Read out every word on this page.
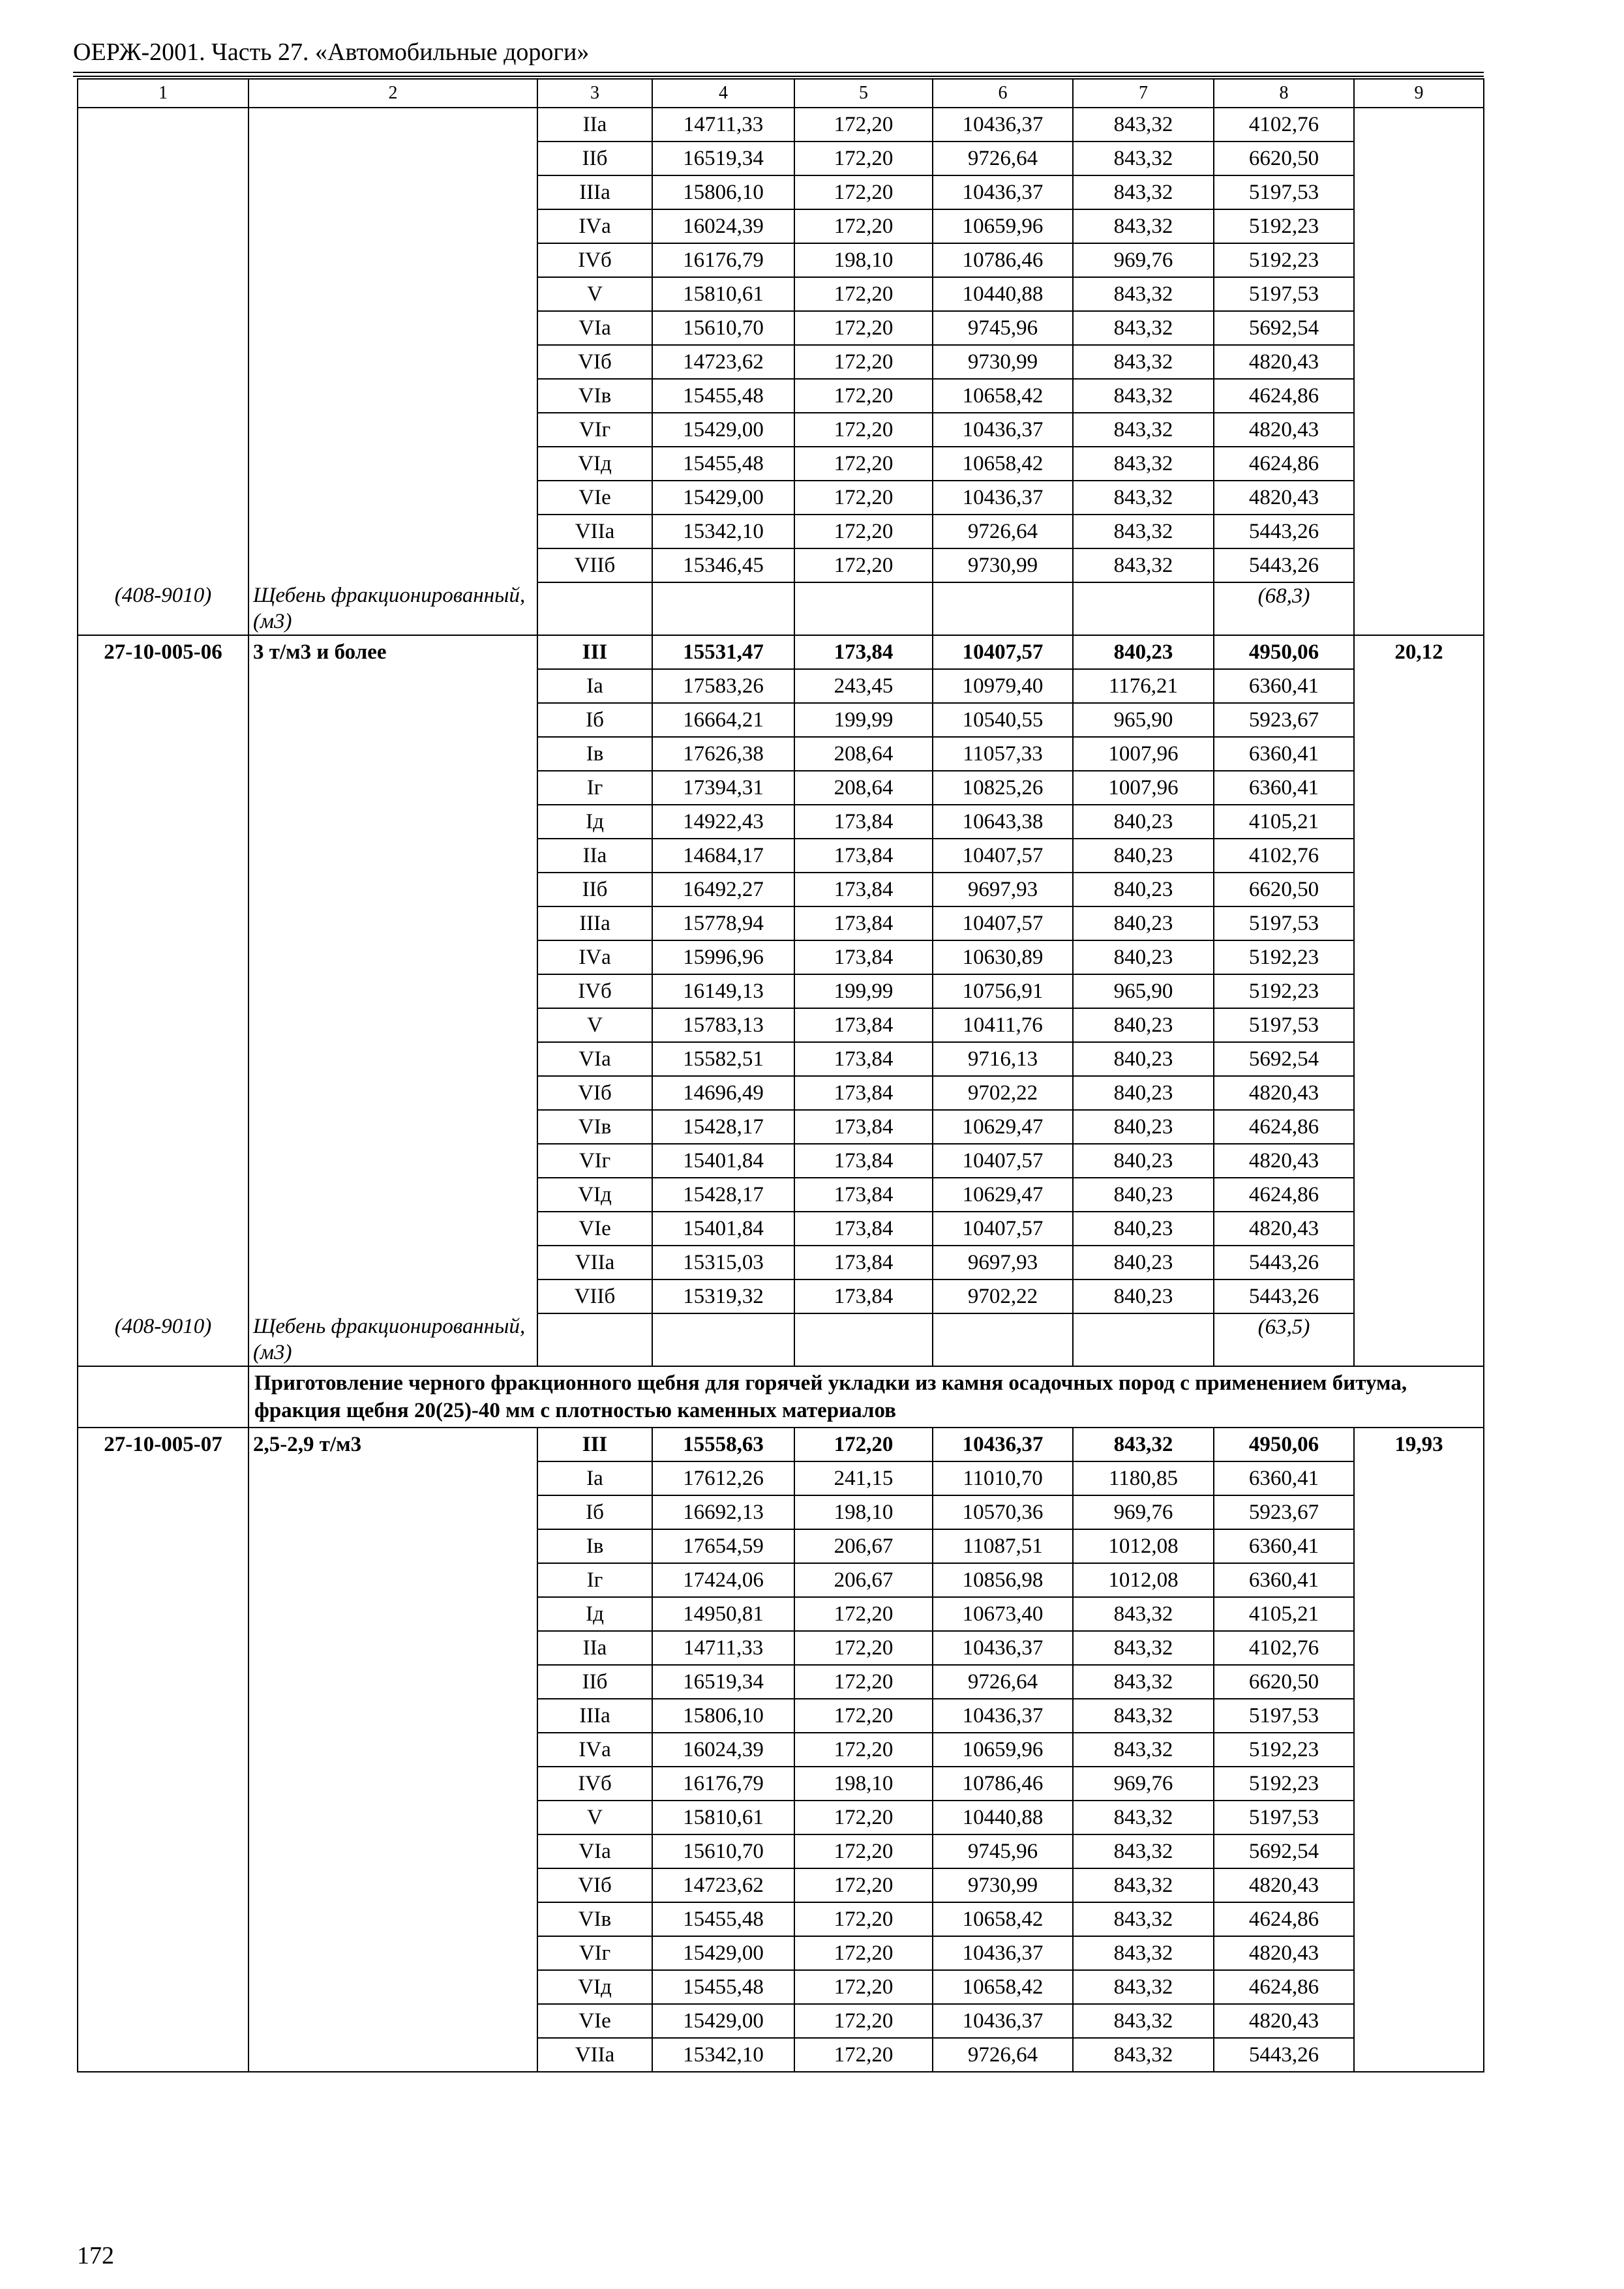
ОЕРЖ-2001. Часть 27. «Автомобильные дороги»
1	2	3	4	5	6	7	8	9
		IIа	14711,33	172,20	10436,37	843,32	4102,76	
		IIб	16519,34	172,20	9726,64	843,32	6620,50	
		IIIа	15806,10	172,20	10436,37	843,32	5197,53	
		IVа	16024,39	172,20	10659,96	843,32	5192,23	
		IVб	16176,79	198,10	10786,46	969,76	5192,23	
		V	15810,61	172,20	10440,88	843,32	5197,53	
		VIа	15610,70	172,20	9745,96	843,32	5692,54	
		VIб	14723,62	172,20	9730,99	843,32	4820,43	
		VIв	15455,48	172,20	10658,42	843,32	4624,86	
		VIг	15429,00	172,20	10436,37	843,32	4820,43	
		VIд	15455,48	172,20	10658,42	843,32	4624,86	
		VIе	15429,00	172,20	10436,37	843,32	4820,43	
		VIIа	15342,10	172,20	9726,64	843,32	5443,26	
		VIIб	15346,45	172,20	9730,99	843,32	5443,26	
(408-9010)	Щебень фракционированный, (м3)						(68,3)	
27-10-005-06	3 т/м3 и более	III	15531,47	173,84	10407,57	840,23	4950,06	20,12
		Iа	17583,26	243,45	10979,40	1176,21	6360,41	
		Iб	16664,21	199,99	10540,55	965,90	5923,67	
		Iв	17626,38	208,64	11057,33	1007,96	6360,41	
		Iг	17394,31	208,64	10825,26	1007,96	6360,41	
		Iд	14922,43	173,84	10643,38	840,23	4105,21	
		IIа	14684,17	173,84	10407,57	840,23	4102,76	
		IIб	16492,27	173,84	9697,93	840,23	6620,50	
		IIIа	15778,94	173,84	10407,57	840,23	5197,53	
		IVа	15996,96	173,84	10630,89	840,23	5192,23	
		IVб	16149,13	199,99	10756,91	965,90	5192,23	
		V	15783,13	173,84	10411,76	840,23	5197,53	
		VIа	15582,51	173,84	9716,13	840,23	5692,54	
		VIб	14696,49	173,84	9702,22	840,23	4820,43	
		VIв	15428,17	173,84	10629,47	840,23	4624,86	
		VIг	15401,84	173,84	10407,57	840,23	4820,43	
		VIд	15428,17	173,84	10629,47	840,23	4624,86	
		VIе	15401,84	173,84	10407,57	840,23	4820,43	
		VIIа	15315,03	173,84	9697,93	840,23	5443,26	
		VIIб	15319,32	173,84	9702,22	840,23	5443,26	
(408-9010)	Щебень фракционированный, (м3)						(63,5)	
	Приготовление черного фракционного щебня для горячей укладки из камня осадочных пород с применением битума, фракция щебня 20(25)-40 мм с плотностью каменных материалов							
27-10-005-07	2,5-2,9 т/м3	III	15558,63	172,20	10436,37	843,32	4950,06	19,93
		Iа	17612,26	241,15	11010,70	1180,85	6360,41	
		Iб	16692,13	198,10	10570,36	969,76	5923,67	
		Iв	17654,59	206,67	11087,51	1012,08	6360,41	
		Iг	17424,06	206,67	10856,98	1012,08	6360,41	
		Iд	14950,81	172,20	10673,40	843,32	4105,21	
		IIа	14711,33	172,20	10436,37	843,32	4102,76	
		IIб	16519,34	172,20	9726,64	843,32	6620,50	
		IIIа	15806,10	172,20	10436,37	843,32	5197,53	
		IVа	16024,39	172,20	10659,96	843,32	5192,23	
		IVб	16176,79	198,10	10786,46	969,76	5192,23	
		V	15810,61	172,20	10440,88	843,32	5197,53	
		VIа	15610,70	172,20	9745,96	843,32	5692,54	
		VIб	14723,62	172,20	9730,99	843,32	4820,43	
		VIв	15455,48	172,20	10658,42	843,32	4624,86	
		VIг	15429,00	172,20	10436,37	843,32	4820,43	
		VIд	15455,48	172,20	10658,42	843,32	4624,86	
		VIе	15429,00	172,20	10436,37	843,32	4820,43	
		VIIа	15342,10	172,20	9726,64	843,32	5443,26	
172
